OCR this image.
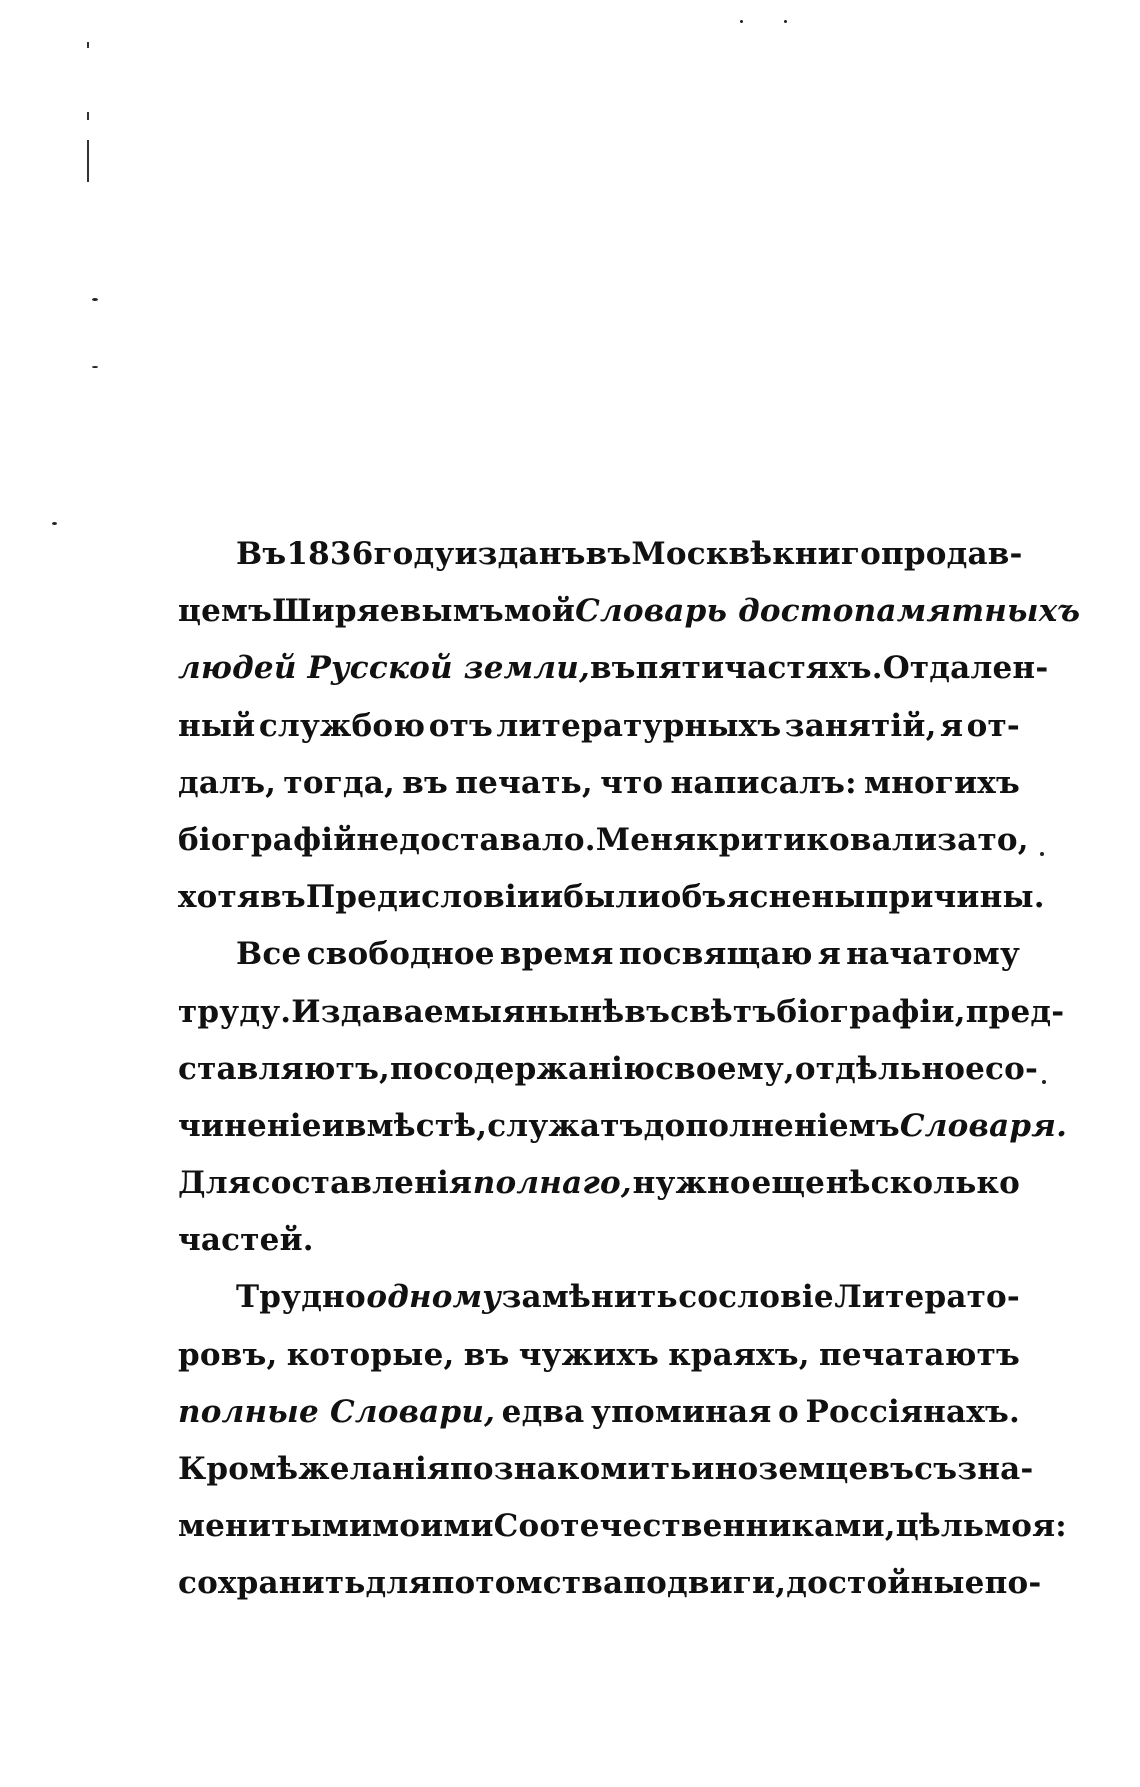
Въ 1836 году изданъ въ Москвѣ книгопродав-
цемъ Ширяевымъ мой Словарь достопамятныхъ
людей Русской земли, въ пяти частяхъ. Отдален-
ный службою отъ литературныхъ занятій, я от-
далъ, тогда, въ печать, что написалъ: многихъ
біографій не доставало. Меня критиковали за то,
хотя въ Предисловіи и были объяснены причины.
Все свободное время посвящаю я начатому
труду. Издаваемыя нынѣ въ свѣтъ біографіи, пред-
ставляютъ, по содержанію своему, отдѣльное со-
чиненіе и вмѣстѣ, служатъ дополненіемъ Словаря.
Для составленія полнаго, нужно еще нѣсколько
частей.
Трудно одному замѣнить сословіе Литерато-
ровъ, которые, въ чужихъ краяхъ, печатаютъ
полные Словари, едва упоминая о Россіянахъ.
Кромѣ желанія познакомить иноземцевъ съ зна-
менитыми моими Соотечественниками, цѣль моя:
сохранить для потомства подвиги, достойные по-
